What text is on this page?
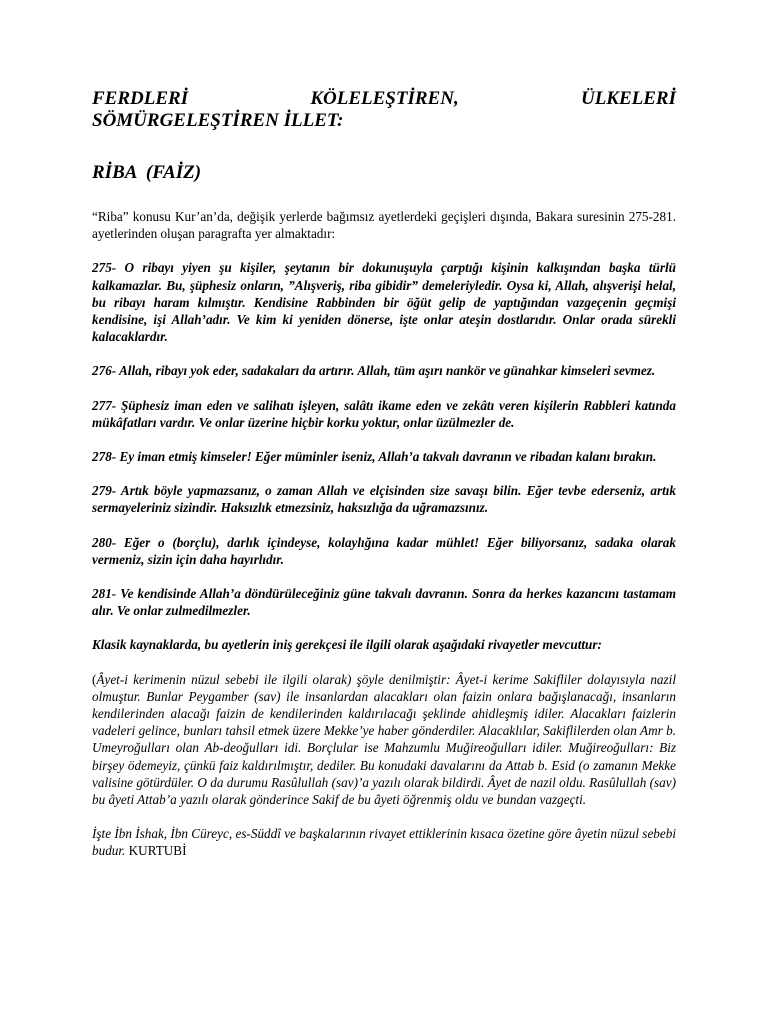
FERDLERİ	KÖLELEŞTİREN,	ÜLKELERİ
SÖMÜRGELEŞTİREN İLLET:
RİBA  (FAİZ)

“Riba” konusu Kur’an’da, değişik yerlerde bağımsız ayetlerdeki geçişleri dışında, Bakara suresinin 275-281. ayetlerinden oluşan paragrafta yer almaktadır:

275- O ribayı yiyen şu kişiler, şeytanın bir dokunuşuyla çarptığı kişinin kalkışından başka türlü kalkamazlar. Bu, şüphesiz onların, ”Alışveriş, riba gibidir” demeleriyledir. Oysa ki, Allah, alışverişi helal, bu ribayı haram kılmıştır. Kendisine Rabbinden bir öğüt gelip de yaptığından vazgeçenin geçmişi kendisine, işi Allah’adır. Ve kim ki yeniden dönerse, işte onlar ateşin dostlarıdır. Onlar orada sürekli kalacaklardır.

276- Allah, ribayı yok eder, sadakaları da artırır. Allah, tüm aşırı nankör ve günahkar kimseleri sevmez.

277- Şüphesiz iman eden ve salihatı işleyen, salâtı ikame eden ve zekâtı veren kişilerin Rabbleri katında mükâfatları vardır. Ve onlar üzerine hiçbir korku yoktur, onlar üzülmezler de.

278- Ey iman etmiş kimseler! Eğer müminler iseniz, Allah’a takvalı davranın ve ribadan kalanı bırakın.

279- Artık böyle yapmazsanız, o zaman Allah ve elçisinden size savaşı bilin. Eğer tevbe ederseniz, artık sermayeleriniz sizindir. Haksızlık etmezsiniz, haksızlığa da uğramazsınız.

280- Eğer o (borçlu), darlık içindeyse, kolaylığına kadar mühlet! Eğer biliyorsanız, sadaka olarak vermeniz, sizin için daha hayırlıdır.

281- Ve kendisinde Allah’a döndürüleceğiniz güne takvalı davranın. Sonra da herkes kazancını tastamam alır. Ve onlar zulmedilmezler.

Klasik kaynaklarda, bu ayetlerin iniş gerekçesi ile ilgili olarak aşağıdaki rivayetler mevcuttur:

(Âyet-i kerimenin nüzul sebebi ile ilgili olarak) şöyle denilmiştir: Âyet-i kerime Sakifliler dolayısıyla nazil olmuştur. Bunlar Peygamber (sav) ile insanlardan alacakları olan faizin onlara bağışlanacağı, insanların kendilerinden alacağı faizin de kendilerinden kaldırılacağı şeklinde ahidleşmiş idiler. Alacakları faizlerin vadeleri gelince, bunları tahsil etmek üzere Mekke’ye haber gönderdiler. Alacaklılar, Sakiflilerden olan Amr b. Umeyroğulları olan Ab-deoğulları idi. Borçlular ise Mahzumlu Muğireoğulları idiler. Muğireoğulları: Biz birşey ödemeyiz, çünkü faiz kaldırılmıştır, dediler. Bu konudaki davalarını da Attab b. Esid (o zamanın Mekke valisine götürdüler. O da durumu Rasûlullah (sav)’a yazılı olarak bildirdi. Âyet de nazil oldu. Rasûlullah (sav) bu âyeti Attab’a yazılı olarak gönderince Sakif de bu âyeti öğrenmiş oldu ve bundan vazgeçti.

İşte İbn İshak, İbn Cüreyc, es-Süddî ve başkalarının rivayet ettiklerinin kısaca özetine göre âyetin nüzul sebebi budur. KURTUBİ
